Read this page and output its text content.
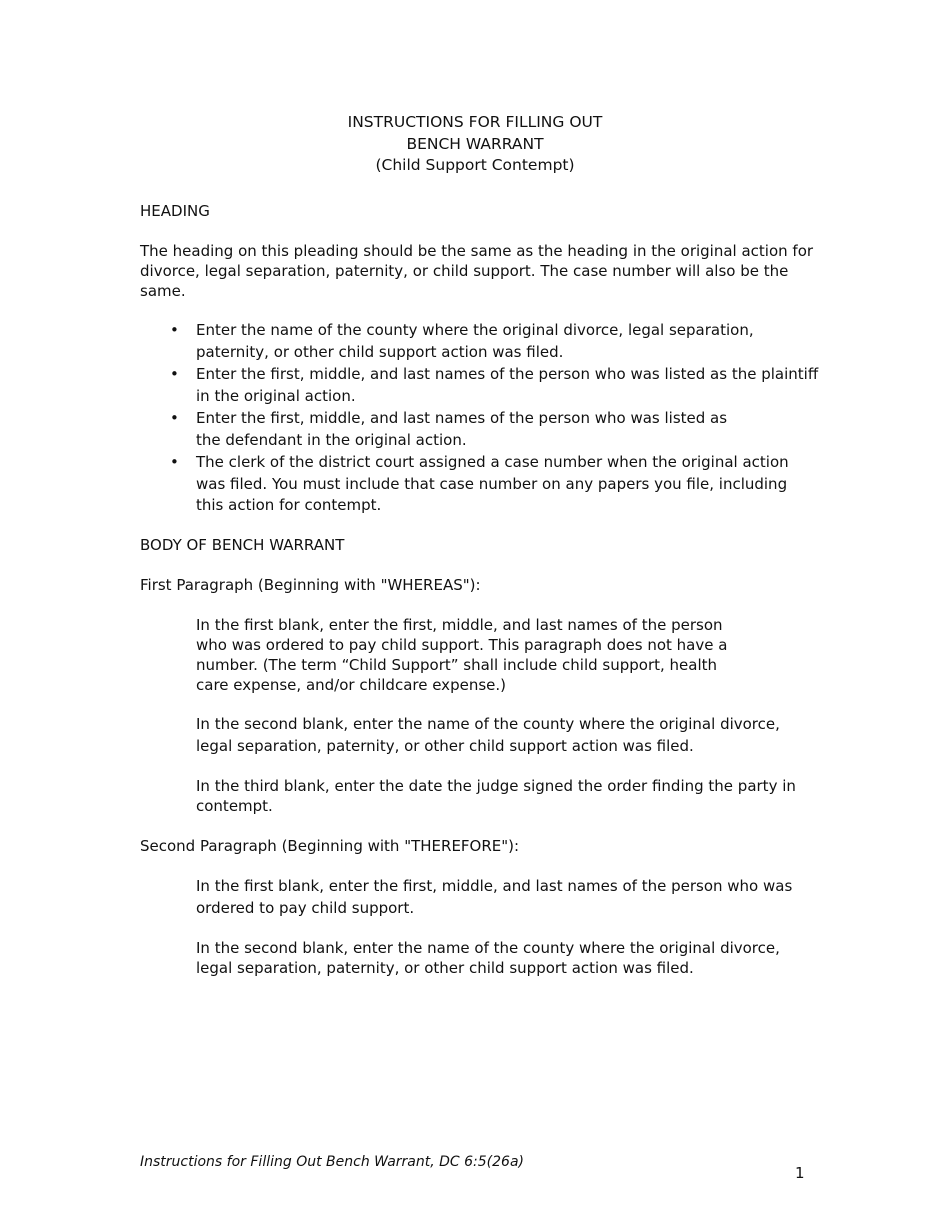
INSTRUCTIONS FOR FILLING OUT
BENCH WARRANT
(Child Support Contempt)
HEADING
The heading on this pleading should be the same as the heading in the original action for divorce, legal separation, paternity, or child support. The case number will also be the same.
• Enter the name of the county where the original divorce, legal separation, paternity, or other child support action was filed.
• Enter the first, middle, and last names of the person who was listed as the plaintiff in the original action.
• Enter the first, middle, and last names of the person who was listed as the defendant in the original action.
• The clerk of the district court assigned a case number when the original action was filed. You must include that case number on any papers you file, including this action for contempt.
BODY OF BENCH WARRANT
First Paragraph (Beginning with "WHEREAS"):
In the first blank, enter the first, middle, and last names of the person who was ordered to pay child support. This paragraph does not have a number. (The term “Child Support” shall include child support, health care expense, and/or childcare expense.)
In the second blank, enter the name of the county where the original divorce, legal separation, paternity, or other child support action was filed.
In the third blank, enter the date the judge signed the order finding the party in contempt.
Second Paragraph (Beginning with "THEREFORE"):
In the first blank, enter the first, middle, and last names of the person who was ordered to pay child support.
In the second blank, enter the name of the county where the original divorce, legal separation, paternity, or other child support action was filed.
Instructions for Filling Out Bench Warrant, DC 6:5(26a)
1
